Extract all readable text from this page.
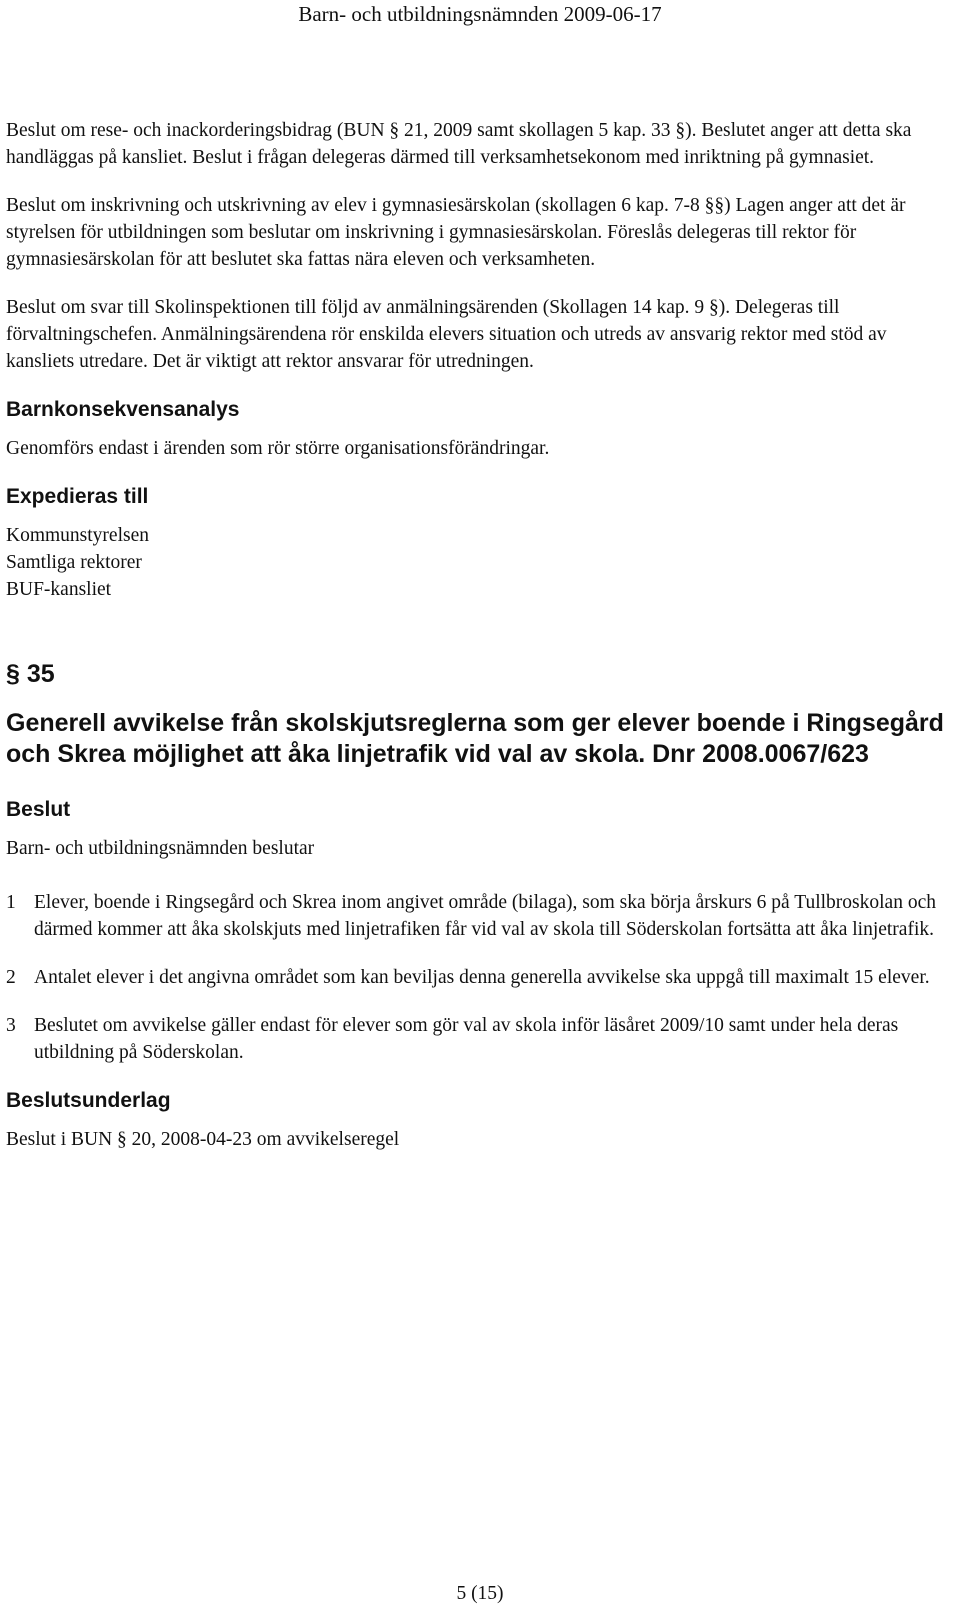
Barn- och utbildningsnämnden 2009-06-17

Beslut om rese- och inackorderingsbidrag (BUN § 21, 2009 samt skollagen 5 kap. 33 §). Beslutet anger att detta ska handläggas på kansliet. Beslut i frågan delegeras därmed till verksamhetsekonom med inriktning på gymnasiet.

Beslut om inskrivning och utskrivning av elev i gymnasiesärskolan (skollagen 6 kap. 7-8 §§) Lagen anger att det är styrelsen för utbildningen som beslutar om inskrivning i gymnasiesärskolan. Föreslås delegeras till rektor för gymnasiesärskolan för att beslutet ska fattas nära eleven och verksamheten.

Beslut om svar till Skolinspektionen till följd av anmälningsärenden (Skollagen 14 kap. 9 §). Delegeras till förvaltningschefen. Anmälningsärendena rör enskilda elevers situation och utreds av ansvarig rektor med stöd av kansliets utredare. Det är viktigt att rektor ansvarar för utredningen.

Barnkonsekvensanalys

Genomförs endast i ärenden som rör större organisationsförändringar.

Expedieras till
Kommunstyrelsen
Samtliga rektorer
BUF-kansliet
§ 35
Generell avvikelse från skolskjutsreglerna som ger elever boende i Ringsegård och Skrea möjlighet att åka linjetrafik vid val av skola. Dnr 2008.0067/623
Beslut

Barn- och utbildningsnämnden beslutar

1 Elever, boende i Ringsegård och Skrea inom angivet område (bilaga), som ska börja årskurs 6 på Tullbroskolan och därmed kommer att åka skolskjuts med linjetrafiken får vid val av skola till Söderskolan fortsätta att åka linjetrafik.
2 Antalet elever i det angivna området som kan beviljas denna generella avvikelse ska uppgå till maximalt 15 elever.
3 Beslutet om avvikelse gäller endast för elever som gör val av skola inför läsåret 2009/10 samt under hela deras utbildning på Söderskolan.
Beslutsunderlag

Beslut i BUN § 20, 2008-04-23 om avvikelseregel

5 (15)
